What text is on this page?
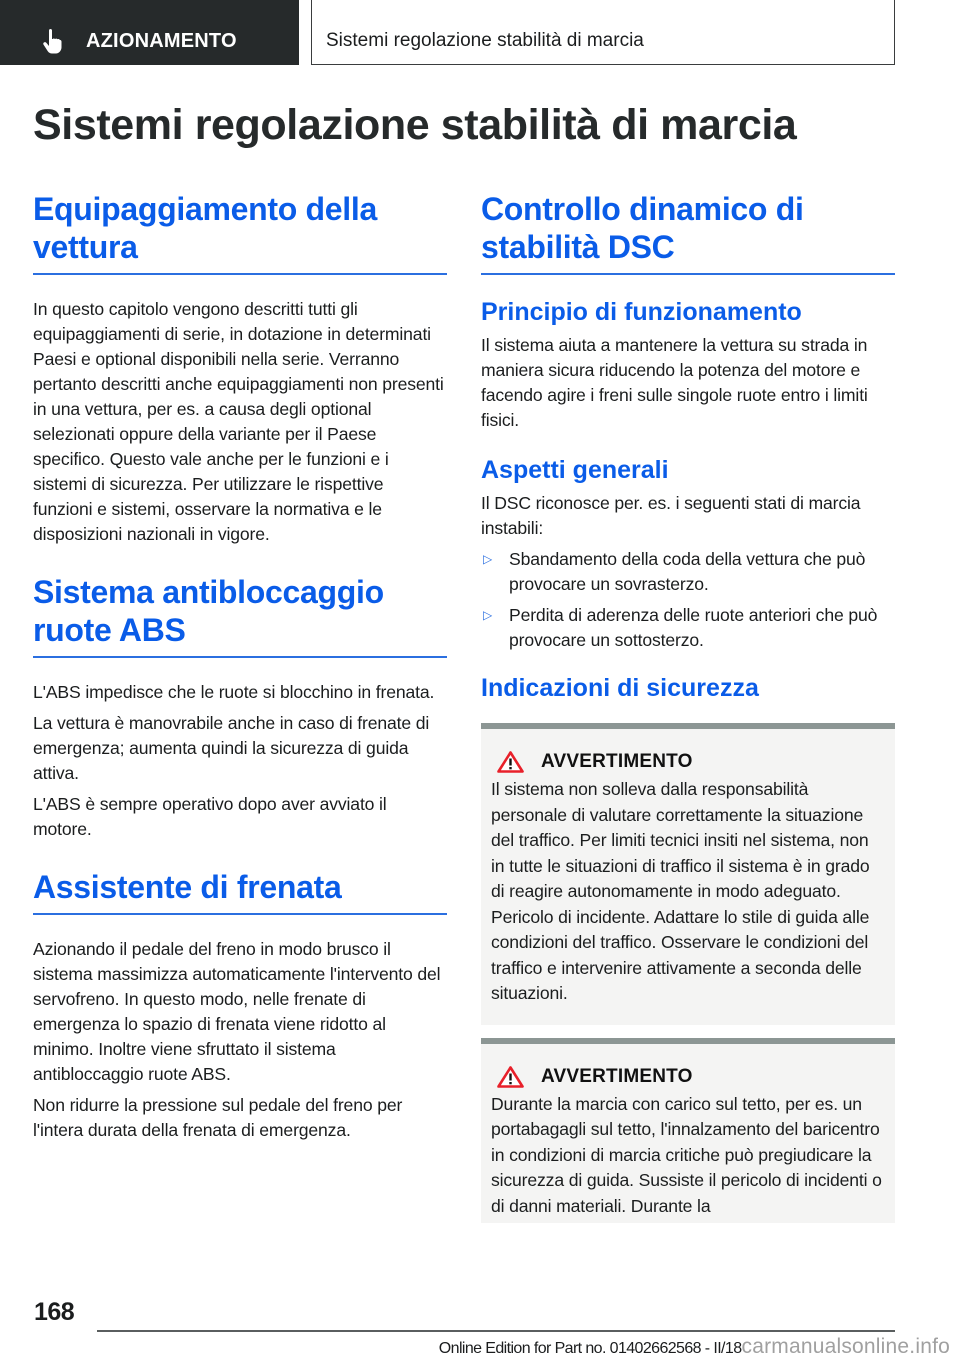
AZIONAMENTO	Sistemi regolazione stabilità di marcia
Sistemi regolazione stabilità di marcia
Equipaggiamento della vettura

In questo capitolo vengono descritti tutti gli equipaggiamenti di serie, in dotazione in determinati Paesi e optional disponibili nella serie. Verranno pertanto descritti anche equipaggiamenti non presenti in una vettura, per es. a causa degli optional selezionati oppure della variante per il Paese specifico. Questo vale anche per le funzioni e i sistemi di sicurezza. Per utilizzare le rispettive funzioni e sistemi, osservare la normativa e le disposizioni nazionali in vigore.

Sistema antibloccaggio ruote ABS

L'ABS impedisce che le ruote si blocchino in frenata.

La vettura è manovrabile anche in caso di frenate di emergenza; aumenta quindi la sicurezza di guida attiva.

L'ABS è sempre operativo dopo aver avviato il motore.

Assistente di frenata

Azionando il pedale del freno in modo brusco il sistema massimizza automaticamente l'intervento del servofreno. In questo modo, nelle frenate di emergenza lo spazio di frenata viene ridotto al minimo. Inoltre viene sfruttato il sistema antibloccaggio ruote ABS.

Non ridurre la pressione sul pedale del freno per l'intera durata della frenata di emergenza.

Controllo dinamico di stabilità DSC
Principio di funzionamento

Il sistema aiuta a mantenere la vettura su strada in maniera sicura riducendo la potenza del motore e facendo agire i freni sulle singole ruote entro i limiti fisici.

Aspetti generali

Il DSC riconosce per. es. i seguenti stati di marcia instabili:

▷ Sbandamento della coda della vettura che può provocare un sovrasterzo.
▷ Perdita di aderenza delle ruote anteriori che può provocare un sottosterzo.
Indicazioni di sicurezza
AVVERTIMENTO

Il sistema non solleva dalla responsabilità personale di valutare correttamente la situazione del traffico. Per limiti tecnici insiti nel sistema, non in tutte le situazioni di traffico il sistema è in grado di reagire autonomamente in modo adeguato. Pericolo di incidente. Adattare lo stile di guida alle condizioni del traffico. Osservare le condizioni del traffico e intervenire attivamente a seconda delle situazioni.

AVVERTIMENTO

Durante la marcia con carico sul tetto, per es. un portabagagli sul tetto, l'innalzamento del baricentro in condizioni di marcia critiche può pregiudicare la sicurezza di guida. Sussiste il pericolo di incidenti o di danni materiali. Durante la

168
Online Edition for Part no. 01402662568 - II/18carmanualsonline.info
